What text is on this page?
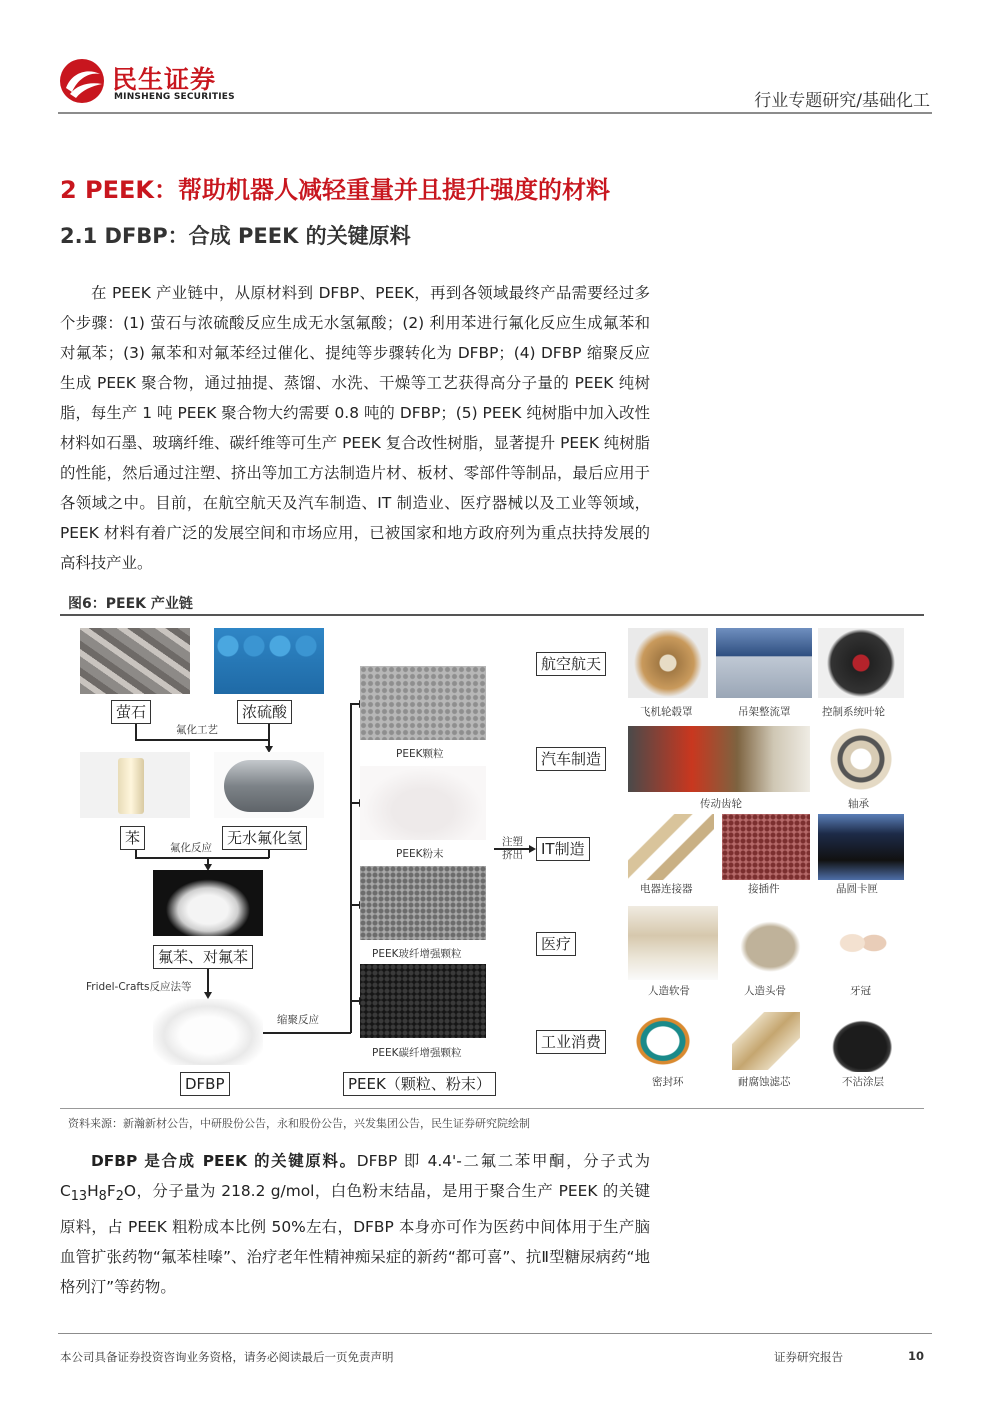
民生证券
MINSHENG SECURITIES	行业专题研究/基础化工
2 PEEK：帮助机器人减轻重量并且提升强度的材料
2.1 DFBP：合成 PEEK 的关键原料
在 PEEK 产业链中，从原材料到 DFBP、PEEK，再到各领域最终产品需要经过多个步骤：(1) 萤石与浓硫酸反应生成无水氢氟酸；(2) 利用苯进行氟化反应生成氟苯和对氟苯；(3) 氟苯和对氟苯经过催化、提纯等步骤转化为 DFBP；(4) DFBP 缩聚反应生成 PEEK 聚合物，通过抽提、蒸馏、水洗、干燥等工艺获得高分子量的 PEEK 纯树脂，每生产 1 吨 PEEK 聚合物大约需要 0.8 吨的 DFBP；(5) PEEK 纯树脂中加入改性材料如石墨、玻璃纤维、碳纤维等可生产 PEEK 复合改性树脂，显著提升 PEEK 纯树脂的性能，然后通过注塑、挤出等加工方法制造片材、板材、零部件等制品，最后应用于各领域之中。目前，在航空航天及汽车制造、IT 制造业、医疗器械以及工业等领域，PEEK 材料有着广泛的发展空间和市场应用，已被国家和地方政府列为重点扶持发展的高科技产业。
图6：PEEK 产业链
萤石	浓硫酸
氟化工艺
苯	无水氟化氢
氟化反应
氟苯、对氟苯
Fridel-Crafts反应法等
DFBP
缩聚反应
PEEK颗粒
PEEK粉末
PEEK玻纤增强颗粒
PEEK碳纤增强颗粒
PEEK（颗粒、粉末）
注塑
挤出
航空航天
汽车制造
IT制造
医疗
工业消费
飞机轮毂罩	吊架整流罩	控制系统叶轮
传动齿轮	轴承
电器连接器	接插件	晶圆卡匣
人造软骨	人造头骨	牙冠
密封环	耐腐蚀滤芯	不沾涂层
资料来源：新瀚新材公告，中研股份公告，永和股份公告，兴发集团公告，民生证券研究院绘制
DFBP 是合成 PEEK 的关键原料。DFBP 即 4.4'-二氟二苯甲酮，分子式为 $C_{13}H_8F_2O$，分子量为 218.2 g/mol，白色粉末结晶，是用于聚合生产 PEEK 的关键原料，占 PEEK 粗粉成本比例 50%左右，DFBP 本身亦可作为医药中间体用于生产脑血管扩张药物“氟苯桂嗪”、治疗老年性精神痴呆症的新药“都可喜”、抗Ⅱ型糖尿病药“地格列汀”等药物。
本公司具备证券投资咨询业务资格，请务必阅读最后一页免责声明	证券研究报告	10
